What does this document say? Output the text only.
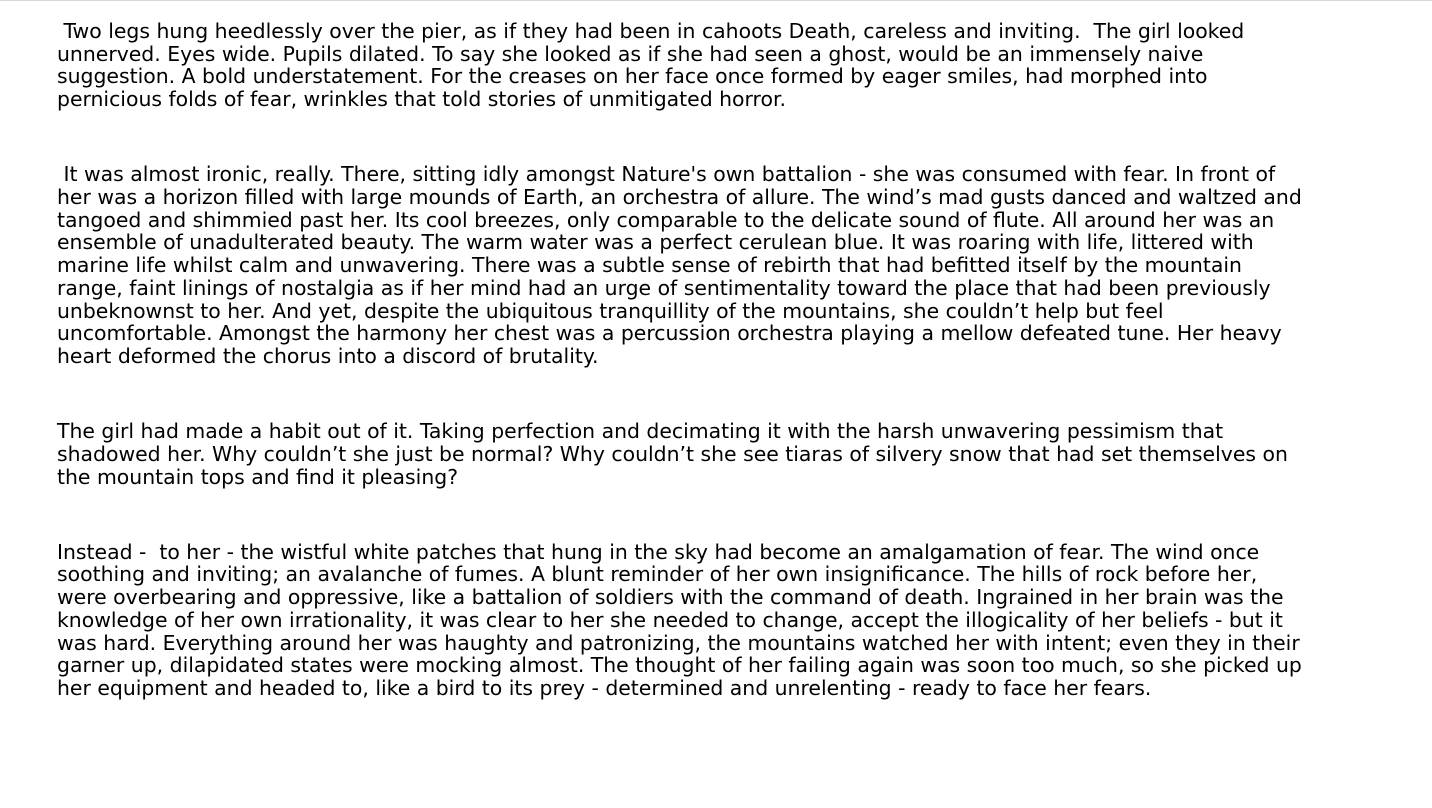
Two legs hung heedlessly over the pier, as if they had been in cahoots Death, careless and inviting.  The girl looked
unnerved. Eyes wide. Pupils dilated. To say she looked as if she had seen a ghost, would be an immensely naive
suggestion. A bold understatement. For the creases on her face once formed by eager smiles, had morphed into
pernicious folds of fear, wrinkles that told stories of unmitigated horror.
It was almost ironic, really. There, sitting idly amongst Nature's own battalion - she was consumed with fear. In front of
her was a horizon filled with large mounds of Earth, an orchestra of allure. The wind’s mad gusts danced and waltzed and
tangoed and shimmied past her. Its cool breezes, only comparable to the delicate sound of flute. All around her was an
ensemble of unadulterated beauty. The warm water was a perfect cerulean blue. It was roaring with life, littered with
marine life whilst calm and unwavering. There was a subtle sense of rebirth that had befitted itself by the mountain
range, faint linings of nostalgia as if her mind had an urge of sentimentality toward the place that had been previously
unbeknownst to her. And yet, despite the ubiquitous tranquillity of the mountains, she couldn’t help but feel
uncomfortable. Amongst the harmony her chest was a percussion orchestra playing a mellow defeated tune. Her heavy
heart deformed the chorus into a discord of brutality.
The girl had made a habit out of it. Taking perfection and decimating it with the harsh unwavering pessimism that
shadowed her. Why couldn’t she just be normal? Why couldn’t she see tiaras of silvery snow that had set themselves on
the mountain tops and find it pleasing?
Instead -  to her - the wistful white patches that hung in the sky had become an amalgamation of fear. The wind once
soothing and inviting; an avalanche of fumes. A blunt reminder of her own insignificance. The hills of rock before her,
were overbearing and oppressive, like a battalion of soldiers with the command of death. Ingrained in her brain was the
knowledge of her own irrationality, it was clear to her she needed to change, accept the illogicality of her beliefs - but it
was hard. Everything around her was haughty and patronizing, the mountains watched her with intent; even they in their
garner up, dilapidated states were mocking almost. The thought of her failing again was soon too much, so she picked up
her equipment and headed to, like a bird to its prey - determined and unrelenting - ready to face her fears.
